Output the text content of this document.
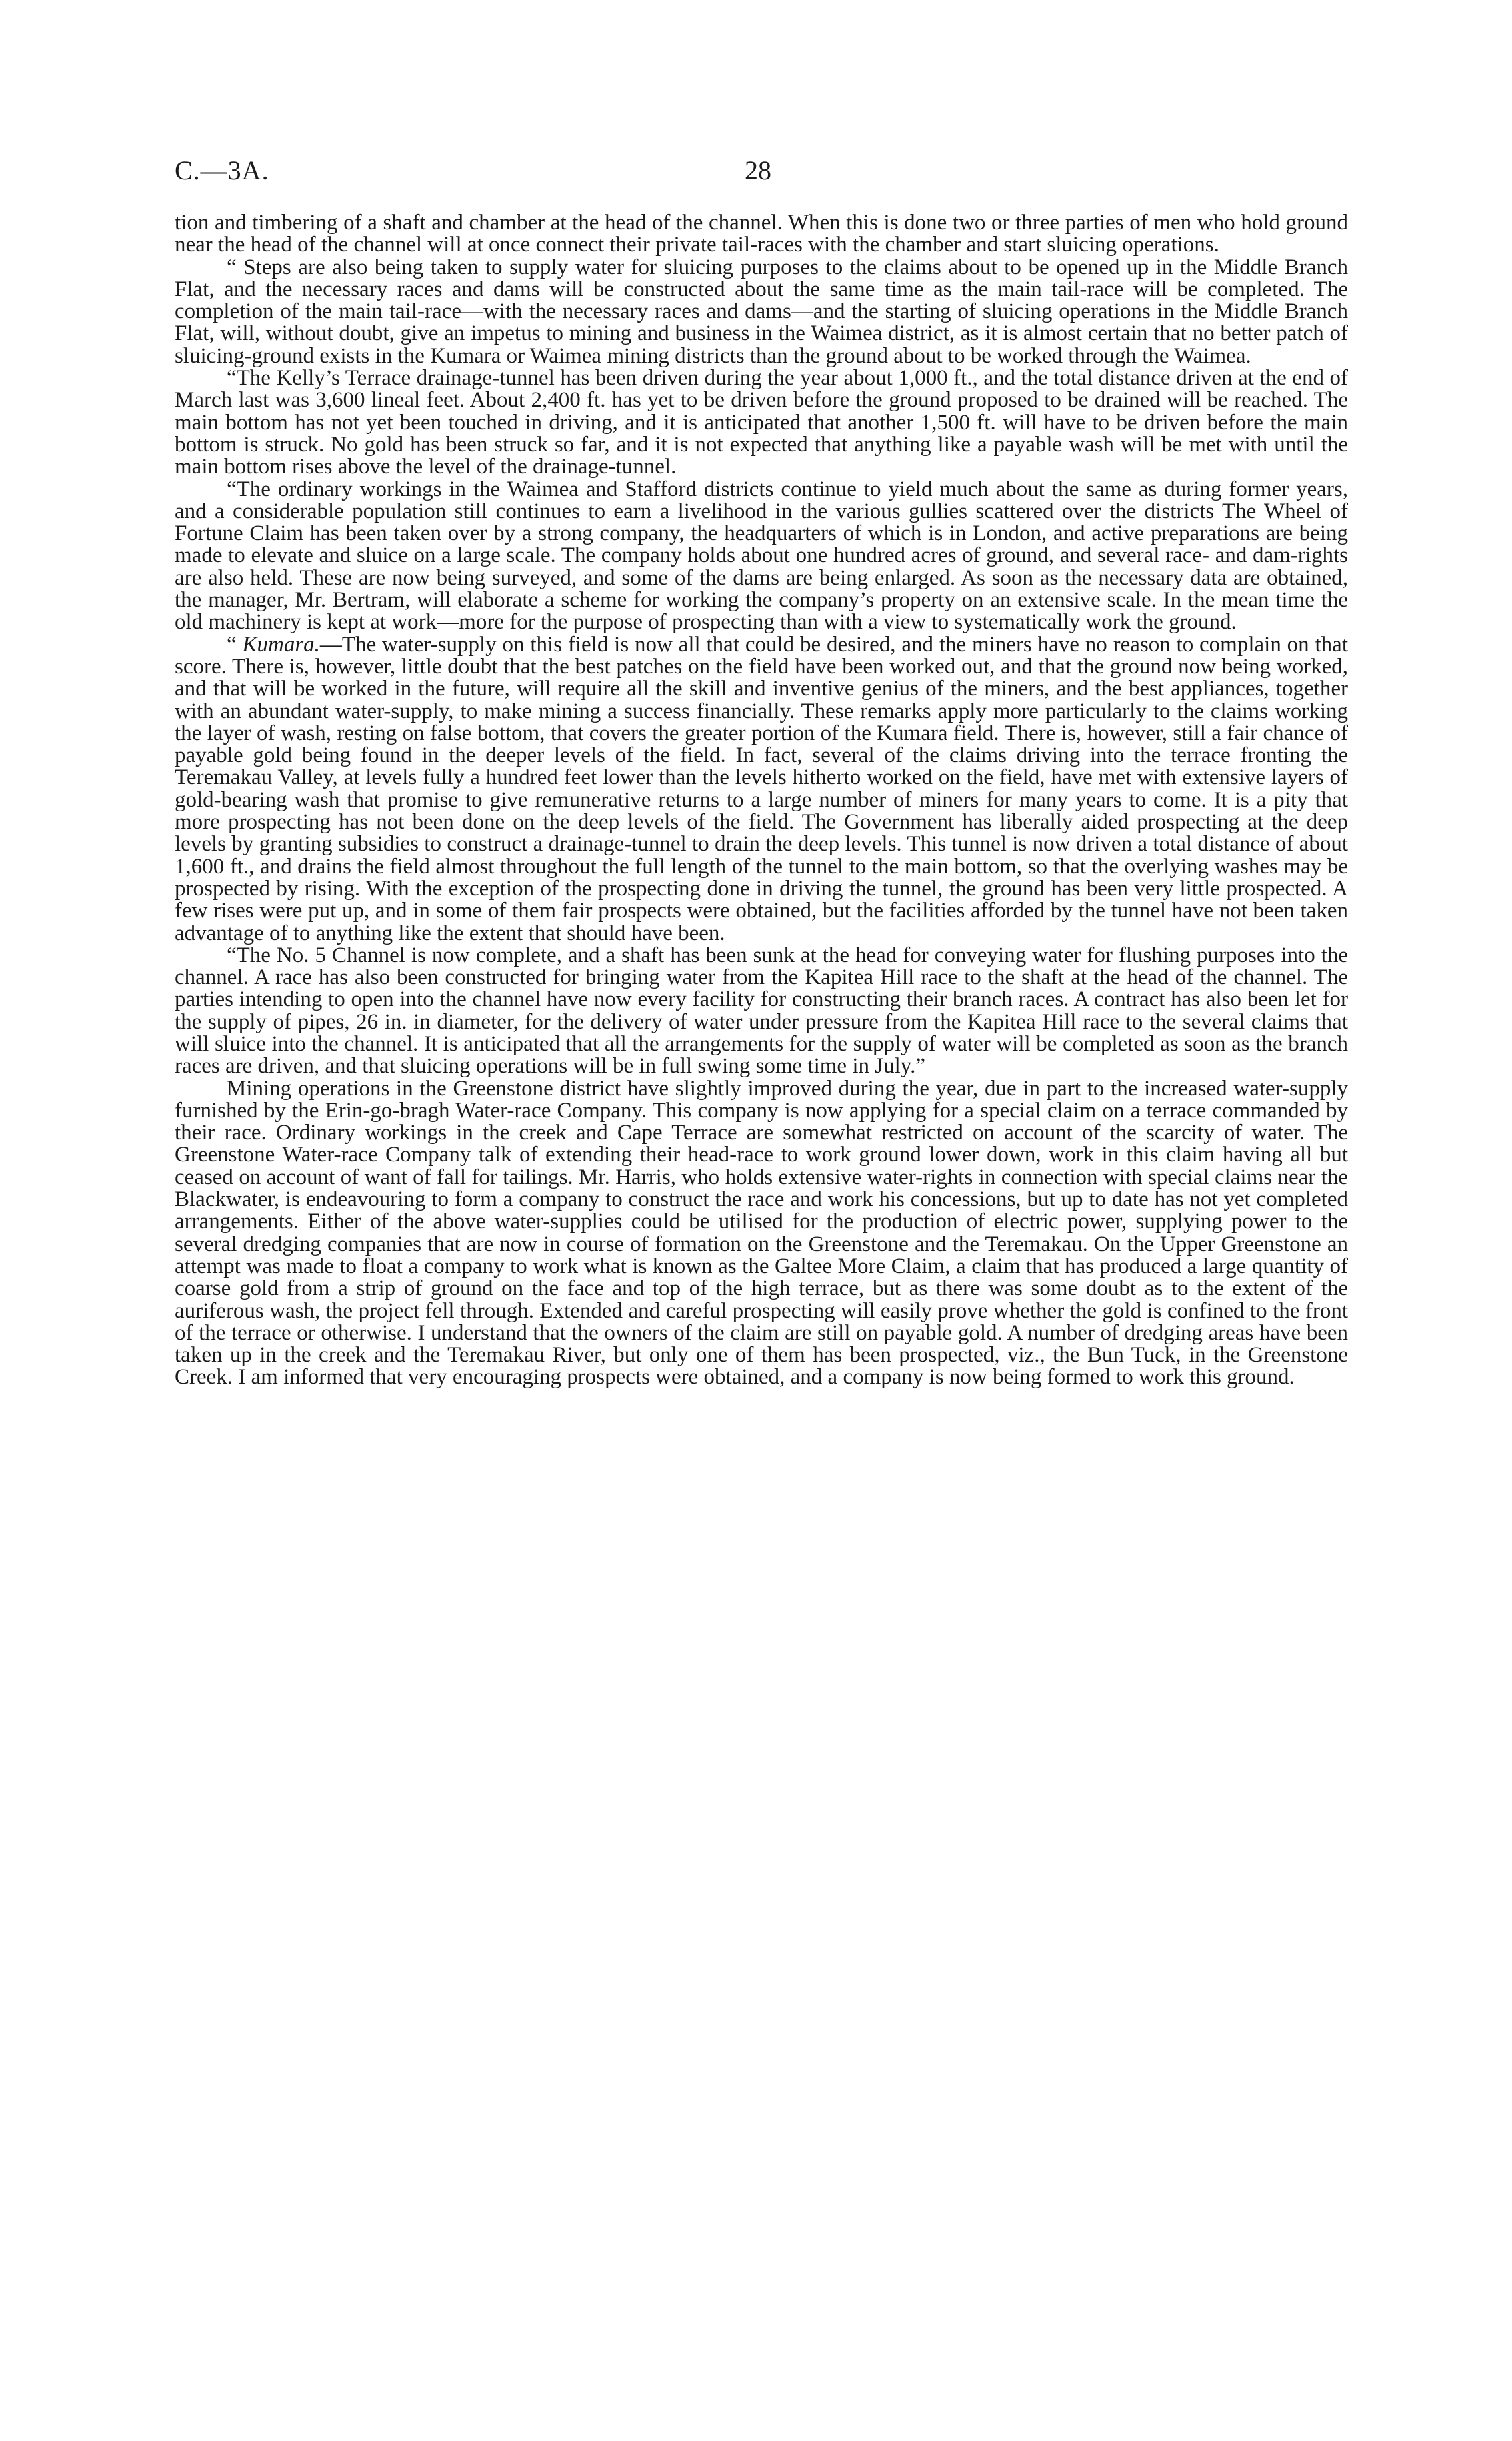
C.—3A.	28

tion and timbering of a shaft and chamber at the head of the channel. When this is done two or three parties of men who hold ground near the head of the channel will at once connect their private tail-races with the chamber and start sluicing operations.

“ Steps are also being taken to supply water for sluicing purposes to the claims about to be opened up in the Middle Branch Flat, and the necessary races and dams will be constructed about the same time as the main tail-race will be completed. The completion of the main tail-race—with the necessary races and dams—and the starting of sluicing operations in the Middle Branch Flat, will, without doubt, give an impetus to mining and business in the Waimea district, as it is almost certain that no better patch of sluicing-ground exists in the Kumara or Waimea mining districts than the ground about to be worked through the Waimea.

“The Kelly’s Terrace drainage-tunnel has been driven during the year about 1,000 ft., and the total distance driven at the end of March last was 3,600 lineal feet. About 2,400 ft. has yet to be driven before the ground proposed to be drained will be reached. The main bottom has not yet been touched in driving, and it is anticipated that another 1,500 ft. will have to be driven before the main bottom is struck. No gold has been struck so far, and it is not expected that anything like a payable wash will be met with until the main bottom rises above the level of the drainage-tunnel.

“The ordinary workings in the Waimea and Stafford districts continue to yield much about the same as during former years, and a considerable population still continues to earn a livelihood in the various gullies scattered over the districts The Wheel of Fortune Claim has been taken over by a strong company, the headquarters of which is in London, and active preparations are being made to elevate and sluice on a large scale. The company holds about one hundred acres of ground, and several race- and dam-rights are also held. These are now being surveyed, and some of the dams are being enlarged. As soon as the necessary data are obtained, the manager, Mr. Bertram, will elaborate a scheme for working the company’s property on an extensive scale. In the mean time the old machinery is kept at work—more for the purpose of prospecting than with a view to systematically work the ground.

“ Kumara.—The water-supply on this field is now all that could be desired, and the miners have no reason to complain on that score. There is, however, little doubt that the best patches on the field have been worked out, and that the ground now being worked, and that will be worked in the future, will require all the skill and inventive genius of the miners, and the best appliances, together with an abundant water-supply, to make mining a success financially. These remarks apply more particularly to the claims working the layer of wash, resting on false bottom, that covers the greater portion of the Kumara field. There is, however, still a fair chance of payable gold being found in the deeper levels of the field. In fact, several of the claims driving into the terrace fronting the Teremakau Valley, at levels fully a hundred feet lower than the levels hitherto worked on the field, have met with extensive layers of gold-bearing wash that promise to give remunerative returns to a large number of miners for many years to come. It is a pity that more prospecting has not been done on the deep levels of the field. The Government has liberally aided prospecting at the deep levels by granting subsidies to construct a drainage-tunnel to drain the deep levels. This tunnel is now driven a total distance of about 1,600 ft., and drains the field almost throughout the full length of the tunnel to the main bottom, so that the overlying washes may be prospected by rising. With the exception of the prospecting done in driving the tunnel, the ground has been very little prospected. A few rises were put up, and in some of them fair prospects were obtained, but the facilities afforded by the tunnel have not been taken advantage of to anything like the extent that should have been.

“The No. 5 Channel is now complete, and a shaft has been sunk at the head for conveying water for flushing purposes into the channel. A race has also been constructed for bringing water from the Kapitea Hill race to the shaft at the head of the channel. The parties intending to open into the channel have now every facility for constructing their branch races. A contract has also been let for the supply of pipes, 26 in. in diameter, for the delivery of water under pressure from the Kapitea Hill race to the several claims that will sluice into the channel. It is anticipated that all the arrangements for the supply of water will be completed as soon as the branch races are driven, and that sluicing operations will be in full swing some time in July.”

Mining operations in the Greenstone district have slightly improved during the year, due in part to the increased water-supply furnished by the Erin-go-bragh Water-race Company. This company is now applying for a special claim on a terrace commanded by their race. Ordinary workings in the creek and Cape Terrace are somewhat restricted on account of the scarcity of water. The Greenstone Water-race Company talk of extending their head-race to work ground lower down, work in this claim having all but ceased on account of want of fall for tailings. Mr. Harris, who holds extensive water-rights in connection with special claims near the Blackwater, is endeavouring to form a company to construct the race and work his concessions, but up to date has not yet completed arrangements. Either of the above water-supplies could be utilised for the production of electric power, supplying power to the several dredging companies that are now in course of formation on the Greenstone and the Teremakau. On the Upper Greenstone an attempt was made to float a company to work what is known as the Galtee More Claim, a claim that has produced a large quantity of coarse gold from a strip of ground on the face and top of the high terrace, but as there was some doubt as to the extent of the auriferous wash, the project fell through. Extended and careful prospecting will easily prove whether the gold is confined to the front of the terrace or otherwise. I understand that the owners of the claim are still on payable gold. A number of dredging areas have been taken up in the creek and the Teremakau River, but only one of them has been prospected, viz., the Bun Tuck, in the Greenstone Creek. I am informed that very encouraging prospects were obtained, and a company is now being formed to work this ground.
